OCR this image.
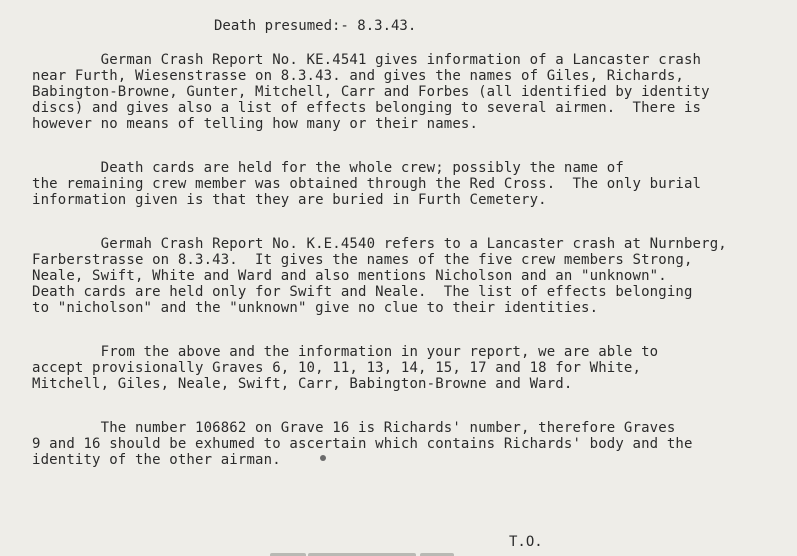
Death presumed:- 8.3.43.
German Crash Report No. KE.4541 gives information of a Lancaster crash
near Furth, Wiesenstrasse on 8.3.43. and gives the names of Giles, Richards,
Babington-Browne, Gunter, Mitchell, Carr and Forbes (all identified by identity
discs) and gives also a list of effects belonging to several airmen.  There is
however no means of telling how many or their names.
Death cards are held for the whole crew; possibly the name of
the remaining crew member was obtained through the Red Cross.  The only burial
information given is that they are buried in Furth Cemetery.
Germah Crash Report No. K.E.4540 refers to a Lancaster crash at Nurnberg,
Farberstrasse on 8.3.43.  It gives the names of the five crew members Strong,
Neale, Swift, White and Ward and also mentions Nicholson and an "unknown".
Death cards are held only for Swift and Neale.  The list of effects belonging
to "nicholson" and the "unknown" give no clue to their identities.
From the above and the information in your report, we are able to
accept provisionally Graves 6, 10, 11, 13, 14, 15, 17 and 18 for White,
Mitchell, Giles, Neale, Swift, Carr, Babington-Browne and Ward.
The number 106862 on Grave 16 is Richards' number, therefore Graves
9 and 16 should be exhumed to ascertain which contains Richards' body and the
identity of the other airman.
T.O.
